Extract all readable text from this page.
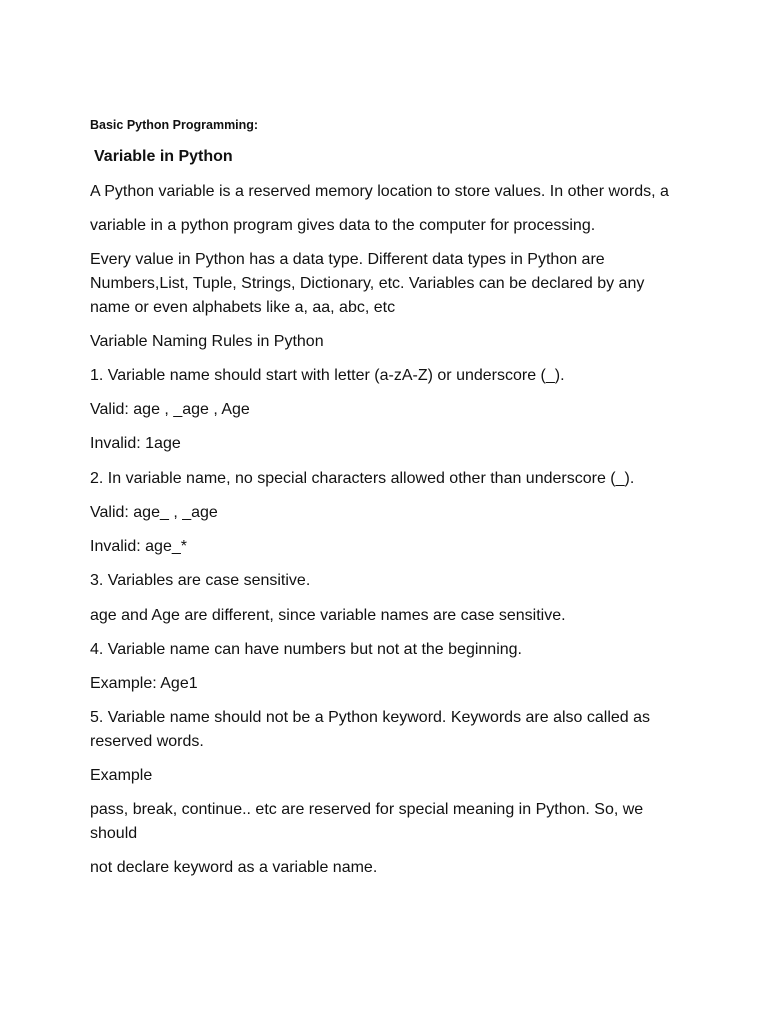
Basic Python Programming:
Variable in Python
A Python variable is a reserved memory location to store values. In other words, a
variable in a python program gives data to the computer for processing.
Every value in Python has a data type. Different data types in Python are
Numbers,List, Tuple, Strings, Dictionary, etc. Variables can be declared by any
name or even alphabets like a, aa, abc, etc
Variable Naming Rules in Python
1. Variable name should start with letter (a-zA-Z) or underscore (_).
Valid: age , _age , Age
Invalid: 1age
2. In variable name, no special characters allowed other than underscore (_).
Valid: age_ , _age
Invalid: age_*
3. Variables are case sensitive.
age and Age are different, since variable names are case sensitive.
4. Variable name can have numbers but not at the beginning.
Example: Age1
5. Variable name should not be a Python keyword. Keywords are also called as
reserved words.
Example
pass, break, continue.. etc are reserved for special meaning in Python. So, we
should
not declare keyword as a variable name.
